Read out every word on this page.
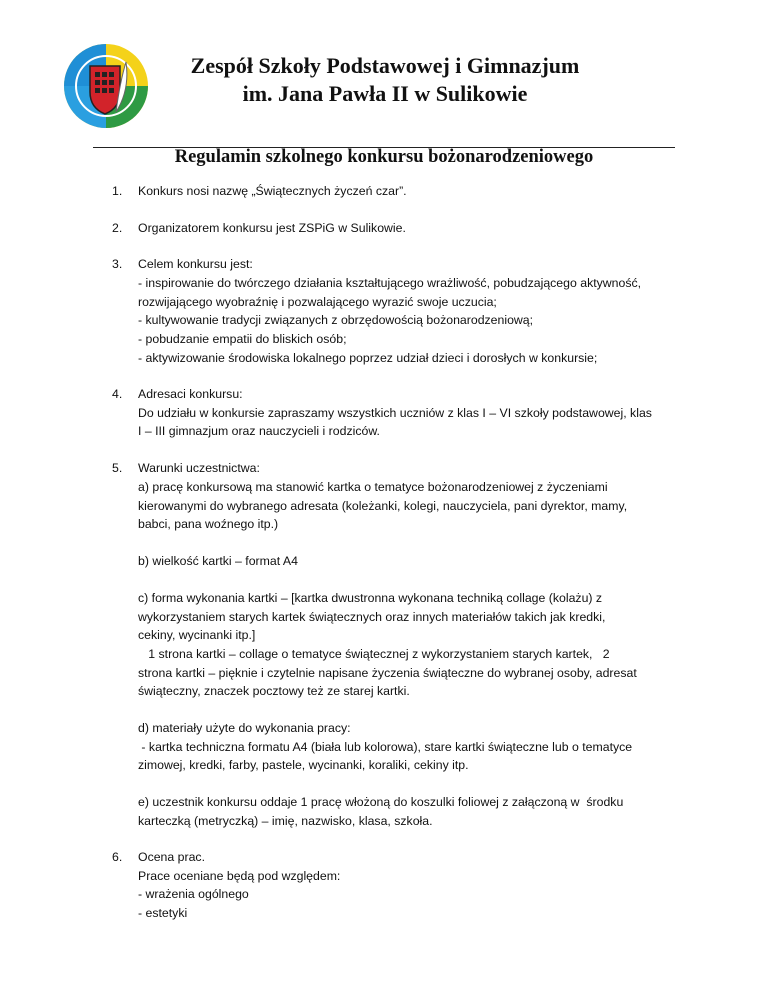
Zespół Szkoły Podstawowej i Gimnazjum
im. Jana Pawła II w Sulikowie
Regulamin szkolnego konkursu bożonarodzeniowego
1. Konkurs nosi nazwę „Świątecznych życzeń czar”.
2. Organizatorem konkursu jest ZSPiG w Sulikowie.
3. Celem konkursu jest:
- inspirowanie do twórczego działania kształtującego wrażliwość, pobudzającego aktywność,
rozwijającego wyobraźnię i pozwalającego wyrazić swoje uczucia;
- kultywowanie tradycji związanych z obrzędowością bożonarodzeniową;
- pobudzanie empatii do bliskich osób;
- aktywizowanie środowiska lokalnego poprzez udział dzieci i dorosłych w konkursie;
4. Adresaci konkursu:
Do udziału w konkursie zapraszamy wszystkich uczniów z klas I – VI szkoły podstawowej, klas
I – III gimnazjum oraz nauczycieli i rodziców.
5. Warunki uczestnictwa:
a) pracę konkursową ma stanowić kartka o tematyce bożonarodzeniowej z życzeniami
kierowanymi do wybranego adresata (koleżanki, kolegi, nauczyciela, pani dyrektor, mamy,
babci, pana woźnego itp.)
b) wielkość kartki – format A4
c) forma wykonania kartki – [kartka dwustronna wykonana techniką collage (kolażu) z
wykorzystaniem starych kartek świątecznych oraz innych materiałów takich jak kredki,
cekiny, wycinanki itp.]
1 strona kartki – collage o tematyce świątecznej z wykorzystaniem starych kartek,   2
strona kartki – pięknie i czytelnie napisane życzenia świąteczne do wybranej osoby, adresat
świąteczny, znaczek pocztowy też ze starej kartki.
d) materiały użyte do wykonania pracy:
- kartka techniczna formatu A4 (biała lub kolorowa), stare kartki świąteczne lub o tematyce
zimowej, kredki, farby, pastele, wycinanki, koraliki, cekiny itp.
e) uczestnik konkursu oddaje 1 pracę włożoną do koszulki foliowej z załączoną w  środku
karteczką (metryczką) – imię, nazwisko, klasa, szkoła.
6. Ocena prac.
Prace oceniane będą pod względem:
- wrażenia ogólnego
- estetyki
